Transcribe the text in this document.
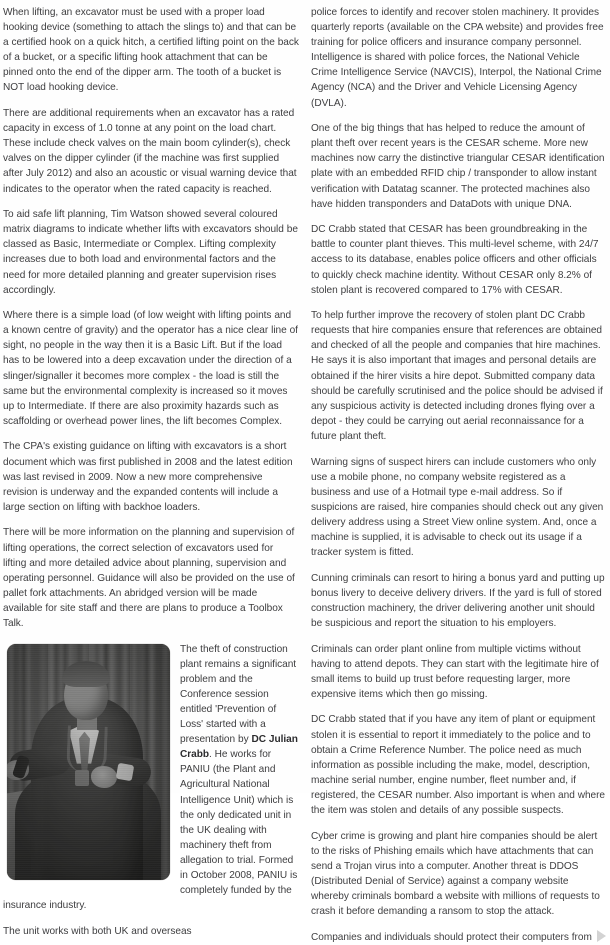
When lifting, an excavator must be used with a proper load hooking device (something to attach the slings to) and that can be a certified hook on a quick hitch, a certified lifting point on the back of a bucket, or a specific lifting hook attachment that can be pinned onto the end of the dipper arm. The tooth of a bucket is NOT load hooking device.

There are additional requirements when an excavator has a rated capacity in excess of 1.0 tonne at any point on the load chart. These include check valves on the main boom cylinder(s), check valves on the dipper cylinder (if the machine was first supplied after July 2012) and also an acoustic or visual warning device that indicates to the operator when the rated capacity is reached.

To aid safe lift planning, Tim Watson showed several coloured matrix diagrams to indicate whether lifts with excavators should be classed as Basic, Intermediate or Complex. Lifting complexity increases due to both load and environmental factors and the need for more detailed planning and greater supervision rises accordingly.

Where there is a simple load (of low weight with lifting points and a known centre of gravity) and the operator has a nice clear line of sight, no people in the way then it is a Basic Lift. But if the load has to be lowered into a deep excavation under the direction of a slinger/signaller it becomes more complex - the load is still the same but the environmental complexity is increased so it moves up to Intermediate. If there are also proximity hazards such as scaffolding or overhead power lines, the lift becomes Complex.

The CPA's existing guidance on lifting with excavators is a short document which was first published in 2008 and the latest edition was last revised in 2009. Now a new more comprehensive revision is underway and the expanded contents will include a large section on lifting with backhoe loaders.

There will be more information on the planning and supervision of lifting operations, the correct selection of excavators used for lifting and more detailed advice about planning, supervision and operating personnel. Guidance will also be provided on the use of pallet fork attachments. An abridged version will be made available for site staff and there are plans to produce a Toolbox Talk.

The theft of construction plant remains a significant problem and the Conference session entitled 'Prevention of Loss' started with a presentation by DC Julian Crabb. He works for PANIU (the Plant and Agricultural National Intelligence Unit) which is the only dedicated unit in the UK dealing with machinery theft from allegation to trial. Formed in October 2008, PANIU is completely funded by the insurance industry.

The unit works with both UK and overseas

police forces to identify and recover stolen machinery. It provides quarterly reports (available on the CPA website) and provides free training for police officers and insurance company personnel. Intelligence is shared with police forces, the National Vehicle Crime Intelligence Service (NAVCIS), Interpol, the National Crime Agency (NCA) and the Driver and Vehicle Licensing Agency (DVLA).

One of the big things that has helped to reduce the amount of plant theft over recent years is the CESAR scheme. More new machines now carry the distinctive triangular CESAR identification plate with an embedded RFID chip / transponder to allow instant verification with Datatag scanner. The protected machines also have hidden transponders and DataDots with unique DNA.

DC Crabb stated that CESAR has been groundbreaking in the battle to counter plant thieves. This multi-level scheme, with 24/7 access to its database, enables police officers and other officials to quickly check machine identity. Without CESAR only 8.2% of stolen plant is recovered compared to 17% with CESAR.

To help further improve the recovery of stolen plant DC Crabb requests that hire companies ensure that references are obtained and checked of all the people and companies that hire machines. He says it is also important that images and personal details are obtained if the hirer visits a hire depot. Submitted company data should be carefully scrutinised and the police should be advised if any suspicious activity is detected including drones flying over a depot - they could be carrying out aerial reconnaissance for a future plant theft.

Warning signs of suspect hirers can include customers who only use a mobile phone, no company website registered as a business and use of a Hotmail type e-mail address. So if suspicions are raised, hire companies should check out any given delivery address using a Street View online system. And, once a machine is supplied, it is advisable to check out its usage if a tracker system is fitted.

Cunning criminals can resort to hiring a bonus yard and putting up bonus livery to deceive delivery drivers. If the yard is full of stored construction machinery, the driver delivering another unit should be suspicious and report the situation to his employers.

Criminals can order plant online from multiple victims without having to attend depots. They can start with the legitimate hire of small items to build up trust before requesting larger, more expensive items which then go missing.

DC Crabb stated that if you have any item of plant or equipment stolen it is essential to report it immediately to the police and to obtain a Crime Reference Number. The police need as much information as possible including the make, model, description, machine serial number, engine number, fleet number and, if registered, the CESAR number. Also important is when and where the item was stolen and details of any possible suspects.

Cyber crime is growing and plant hire companies should be alert to the risks of Phishing emails which have attachments that can send a Trojan virus into a computer. Another threat is DDOS (Distributed Denial of Service) against a company website whereby criminals bombard a website with millions of requests to crash it before demanding a ransom to stop the attack.

Companies and individuals should protect their computers from
